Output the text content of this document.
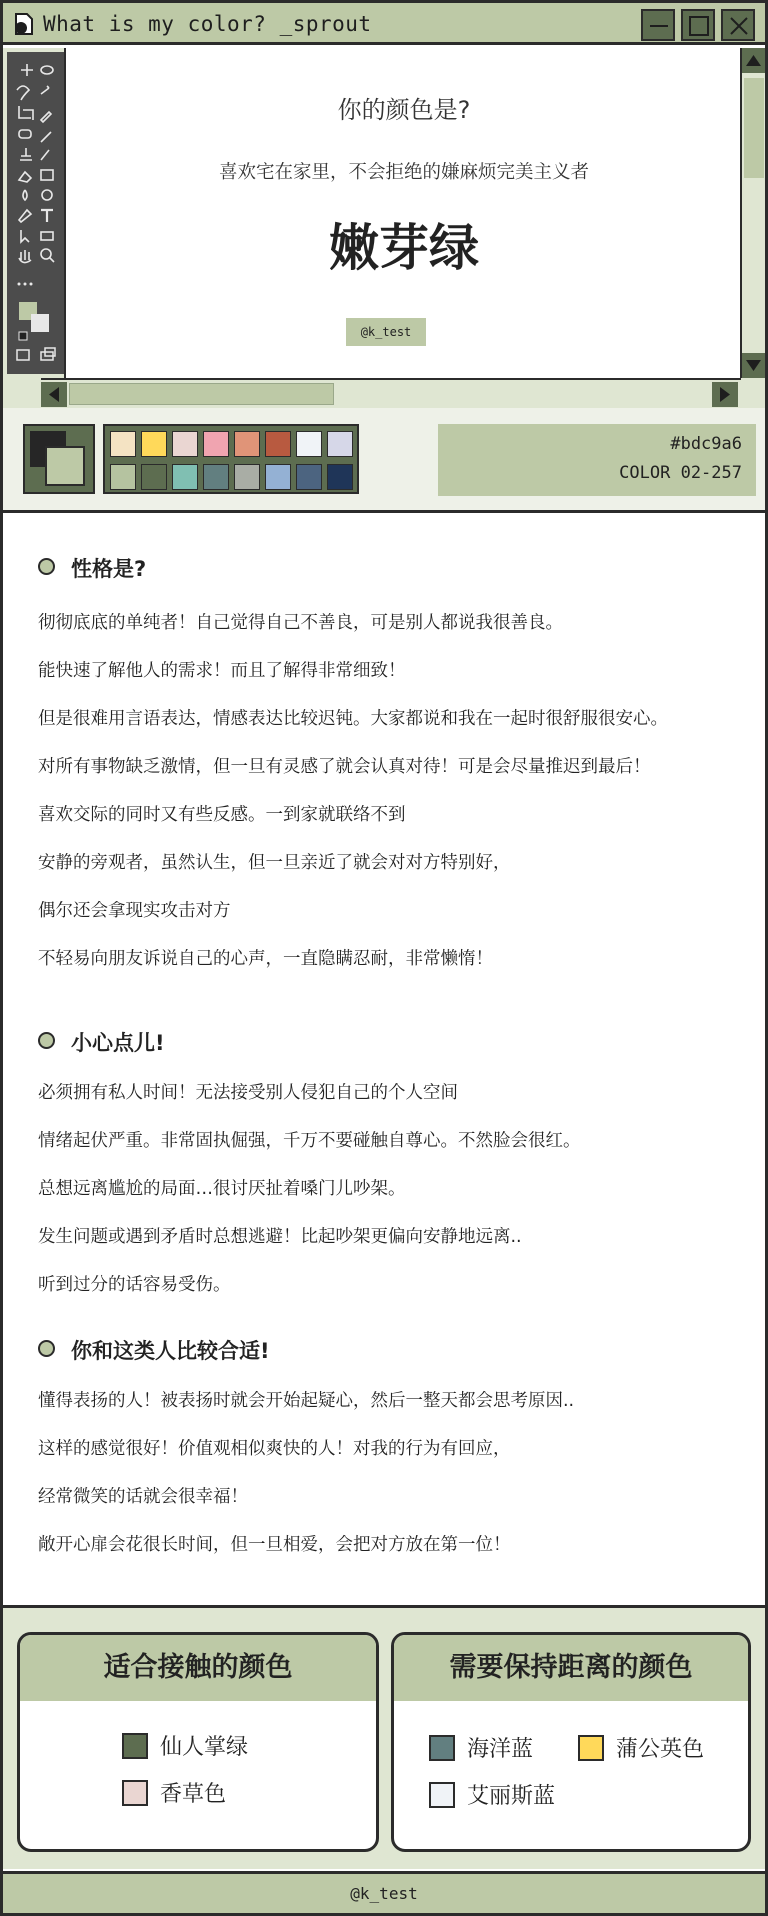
What is my color? _sprout
你的颜色是?
喜欢宅在家里，不会拒绝的嫌麻烦完美主义者
嫩芽绿
@k_test
#bdc9a6
COLOR 02-257
性格是?
彻彻底底的单纯者！自己觉得自己不善良，可是别人都说我很善良。
能快速了解他人的需求！而且了解得非常细致！
但是很难用言语表达，情感表达比较迟钝。大家都说和我在一起时很舒服很安心。
对所有事物缺乏激情，但一旦有灵感了就会认真对待！可是会尽量推迟到最后！
喜欢交际的同时又有些反感。一到家就联络不到
安静的旁观者，虽然认生，但一旦亲近了就会对对方特别好，
偶尔还会拿现实攻击对方
不轻易向朋友诉说自己的心声，一直隐瞒忍耐，非常懒惰！
小心点儿!
必须拥有私人时间！无法接受别人侵犯自己的个人空间
情绪起伏严重。非常固执倔强，千万不要碰触自尊心。不然脸会很红。
总想远离尴尬的局面…很讨厌扯着嗓门儿吵架。
发生问题或遇到矛盾时总想逃避！比起吵架更偏向安静地远离..
听到过分的话容易受伤。
你和这类人比较合适!
懂得表扬的人！被表扬时就会开始起疑心，然后一整天都会思考原因..
这样的感觉很好！价值观相似爽快的人！对我的行为有回应，
经常微笑的话就会很幸福！
敞开心扉会花很长时间，但一旦相爱，会把对方放在第一位！
适合接触的颜色
仙人掌绿
香草色
需要保持距离的颜色
海洋蓝	蒲公英色
艾丽斯蓝
@k_test
